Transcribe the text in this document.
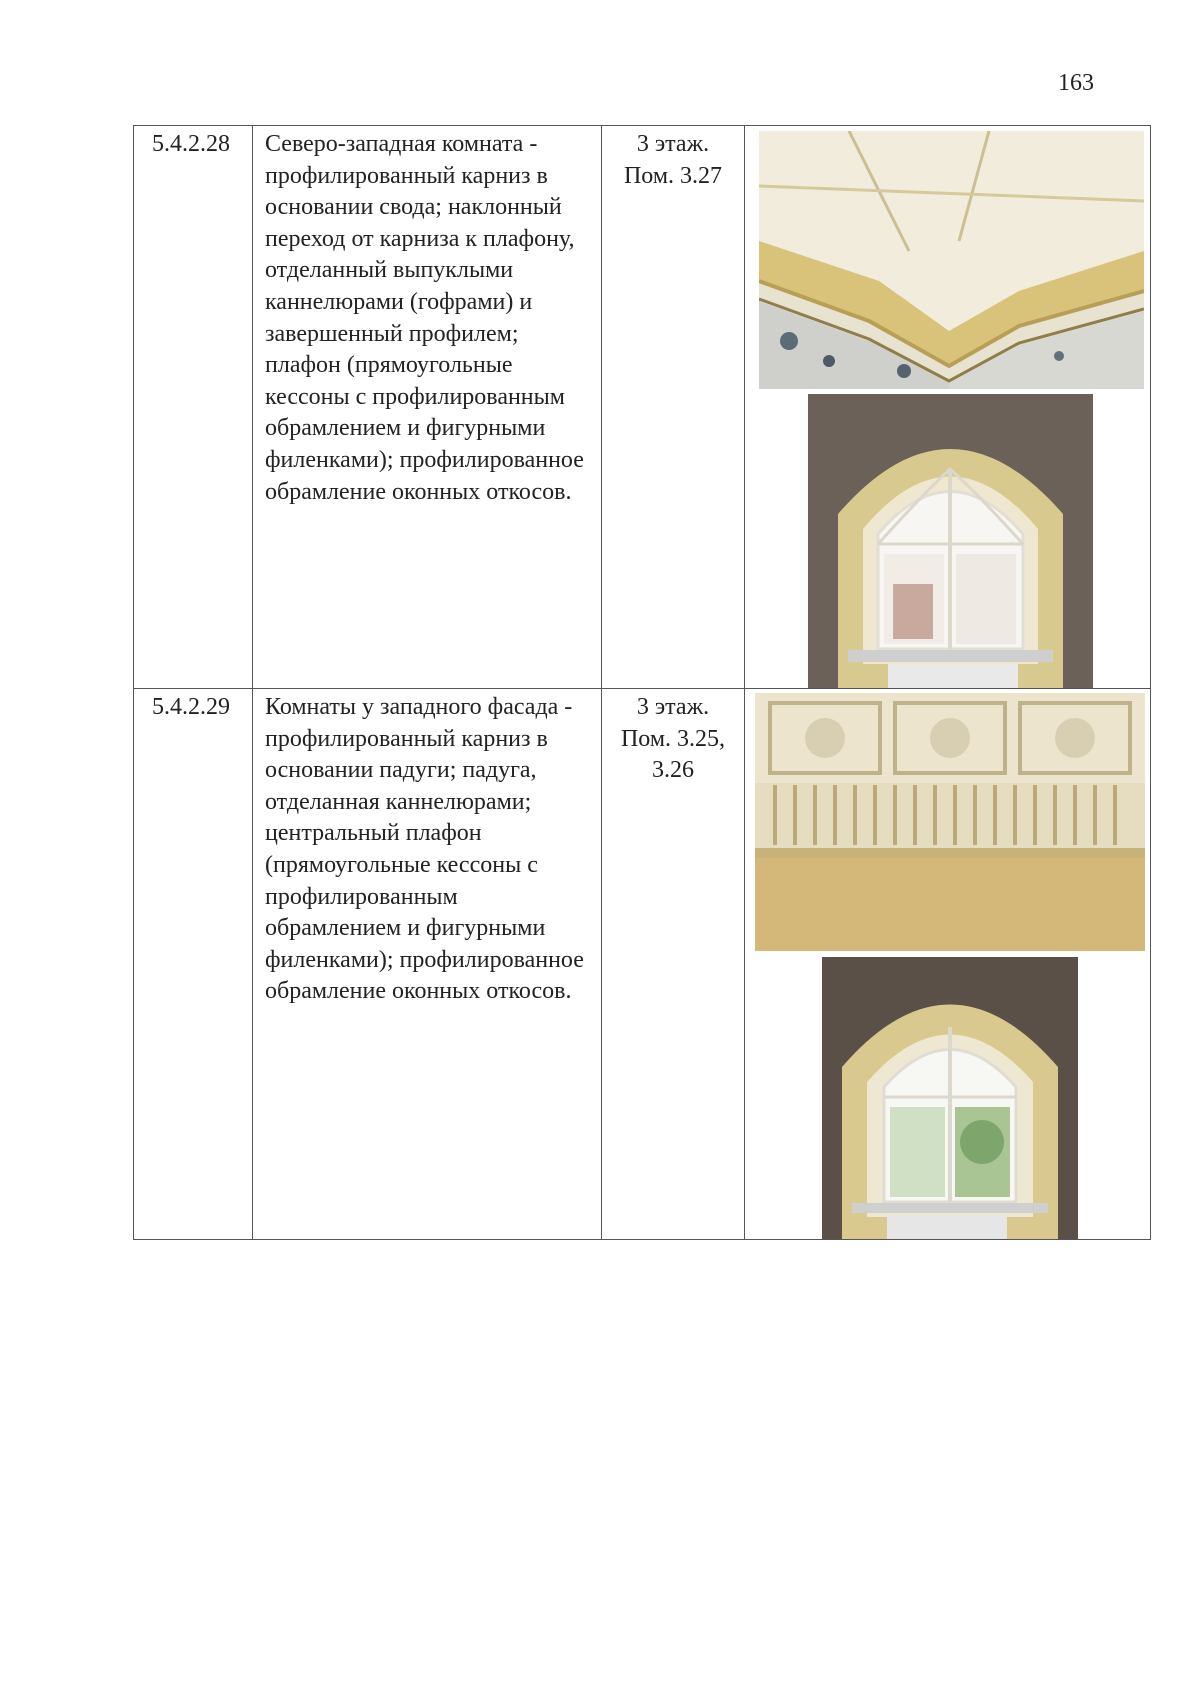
163
5.4.2.28	Северо-западная комната - профилированный карниз в основании свода; наклонный переход от карниза к плафону, отделанный выпуклыми каннелюрами (гофрами) и завершенный профилем; плафон (прямоугольные кессоны с профилированным обрамлением и фигурными филенками); профилированное обрамление оконных откосов.	3 этаж.
Пом. 3.27

5.4.2.29	Комнаты у западного фасада - профилированный карниз в основании падуги; падуга, отделанная каннелюрами; центральный плафон (прямоугольные кессоны с профилированным обрамлением и фигурными филенками); профилированное обрамление оконных откосов.	3 этаж.
Пом. 3.25, 3.26
